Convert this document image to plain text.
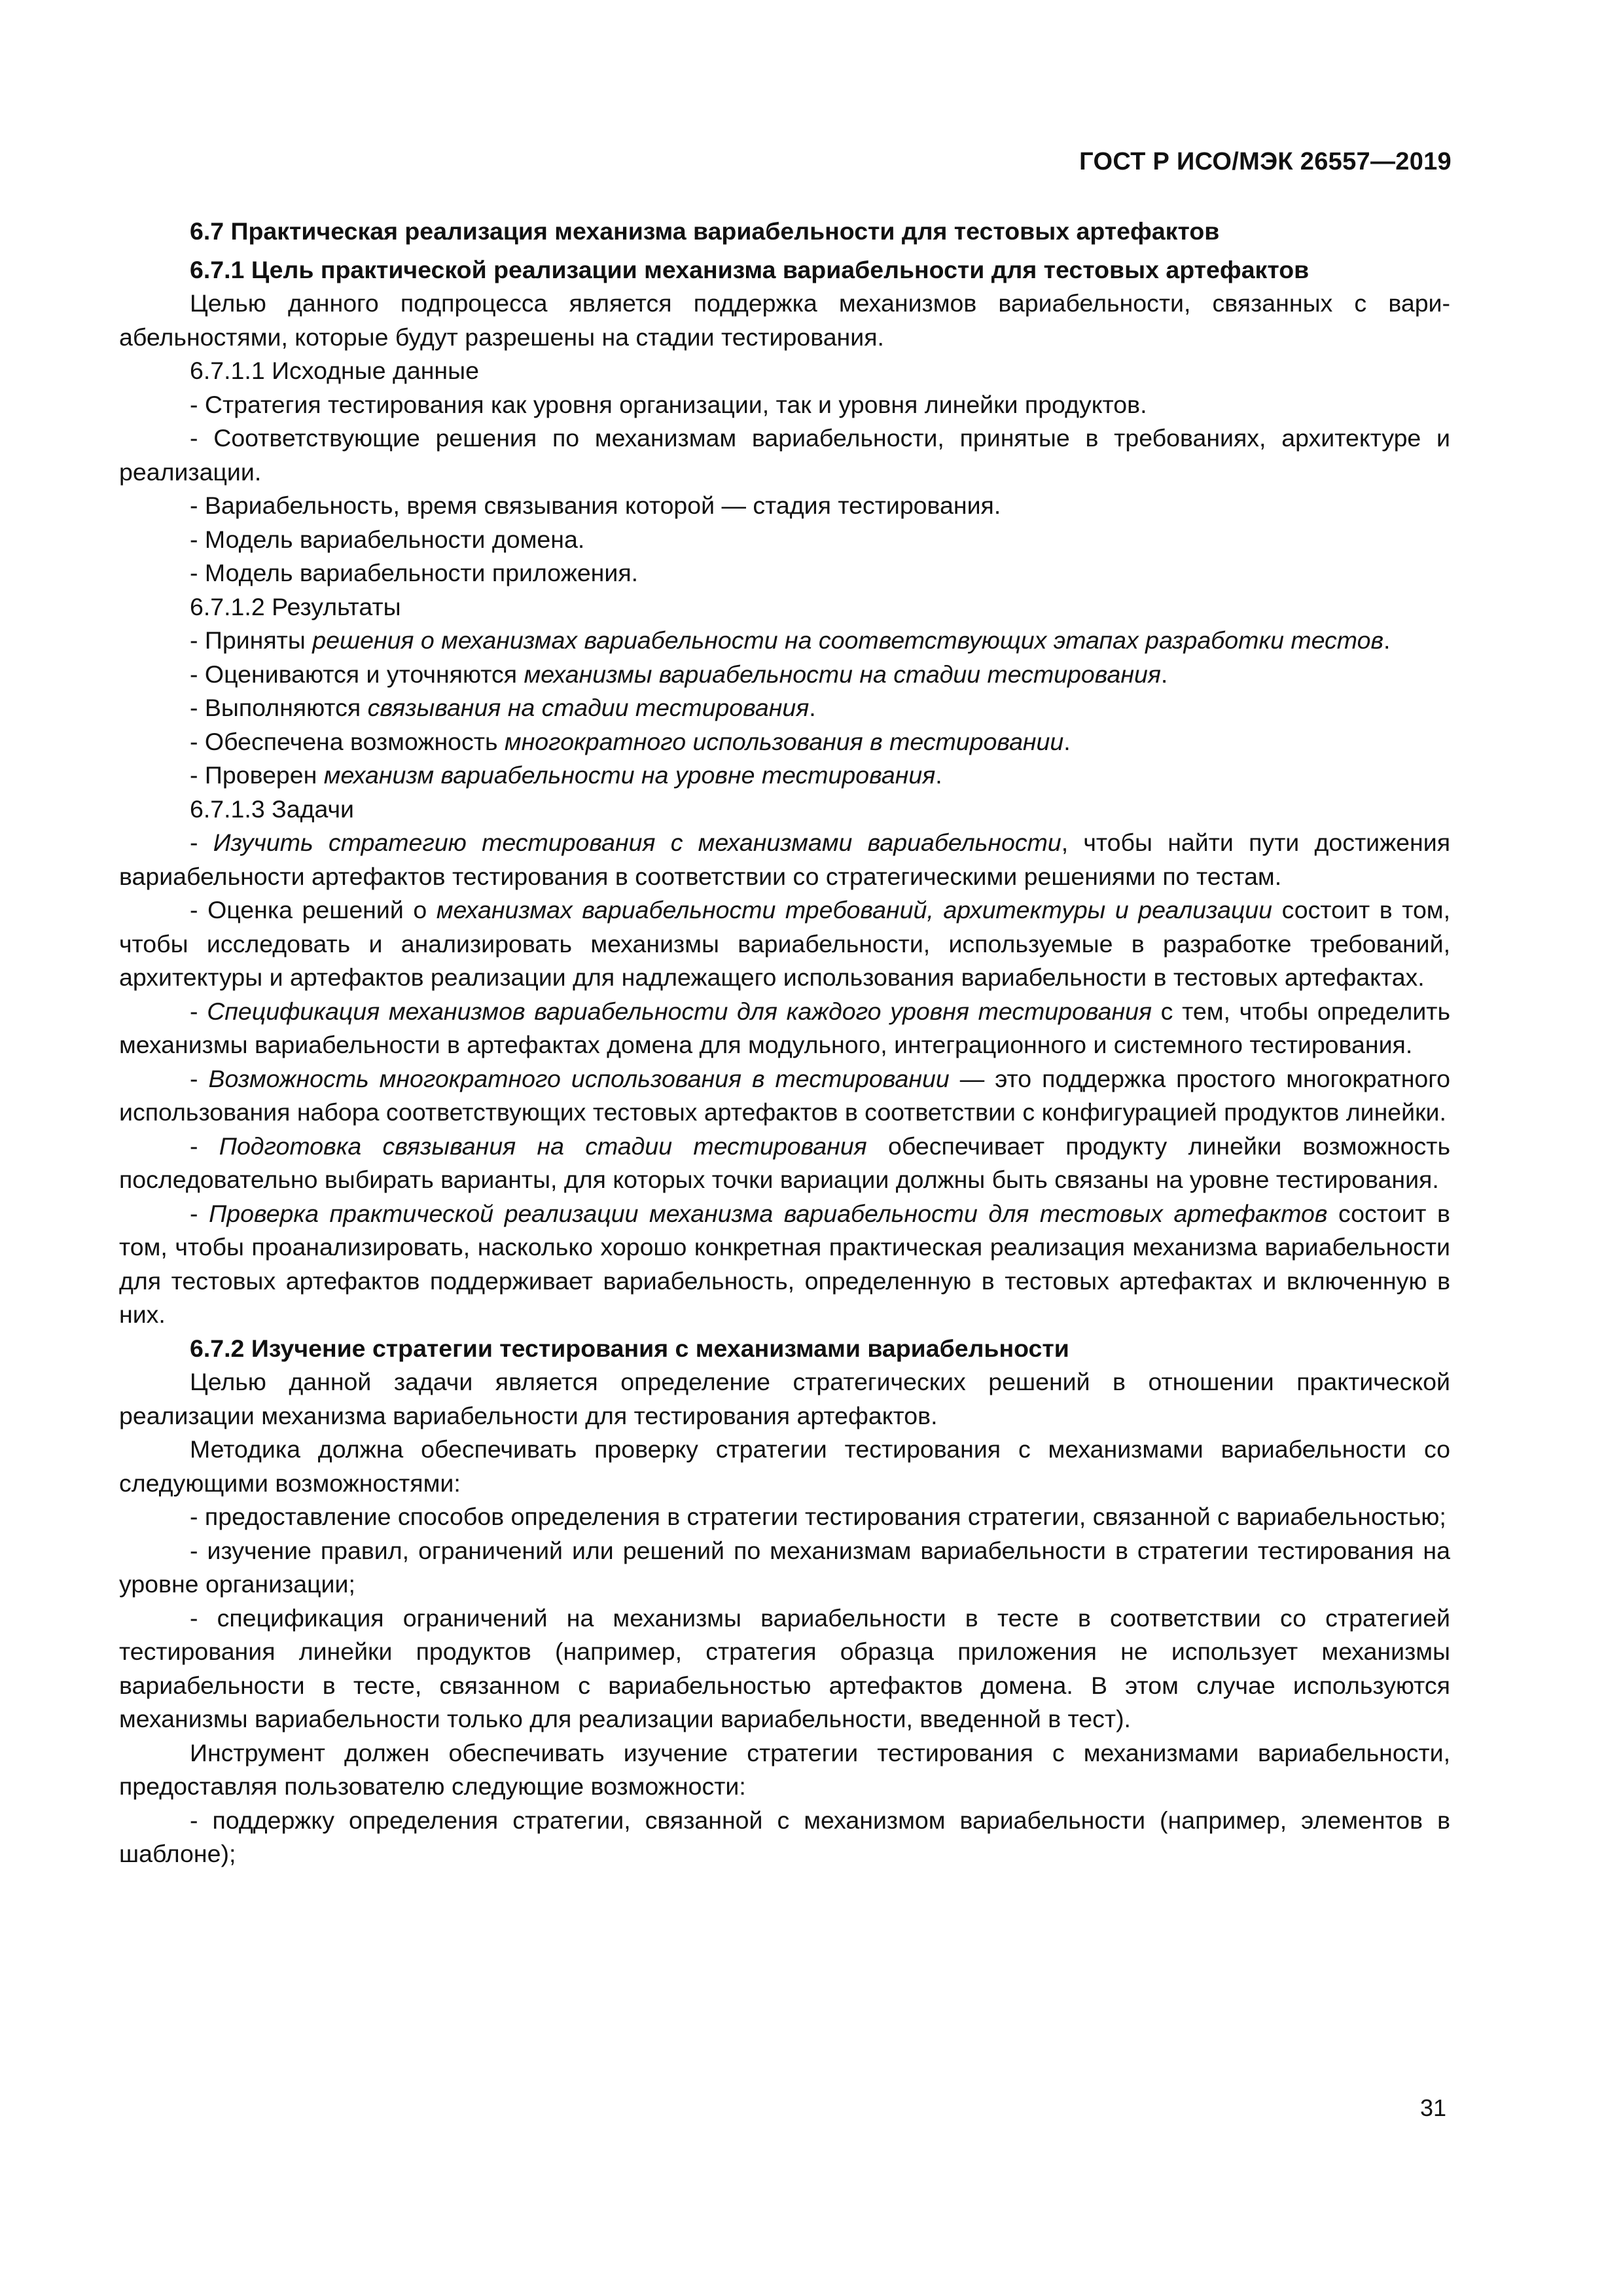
ГОСТ Р ИСО/МЭК 26557—2019

6.7 Практическая реализация механизма вариабельности для тестовых артефактов

6.7.1 Цель практической реализации механизма вариабельности для тестовых артефактов

Целью данного подпроцесса является поддержка механизмов вариабельности, связанных с вариабельностями, которые будут разрешены на стадии тестирования.

6.7.1.1 Исходные данные

- Стратегия тестирования как уровня организации, так и уровня линейки продуктов.

- Соответствующие решения по механизмам вариабельности, принятые в требованиях, архитектуре и реализации.

- Вариабельность, время связывания которой — стадия тестирования.

- Модель вариабельности домена.

- Модель вариабельности приложения.

6.7.1.2 Результаты

- Приняты решения о механизмах вариабельности на соответствующих этапах разработки тестов.

- Оцениваются и уточняются механизмы вариабельности на стадии тестирования.

- Выполняются связывания на стадии тестирования.

- Обеспечена возможность многократного использования в тестировании.

- Проверен механизм вариабельности на уровне тестирования.

6.7.1.3 Задачи

- Изучить стратегию тестирования с механизмами вариабельности, чтобы найти пути достижения вариабельности артефактов тестирования в соответствии со стратегическими решениями по тестам.

- Оценка решений о механизмах вариабельности требований, архитектуры и реализации состоит в том, чтобы исследовать и анализировать механизмы вариабельности, используемые в разработке требований, архитектуры и артефактов реализации для надлежащего использования вариабельности в тестовых артефактах.

- Спецификация механизмов вариабельности для каждого уровня тестирования с тем, чтобы определить механизмы вариабельности в артефактах домена для модульного, интеграционного и системного тестирования.

- Возможность многократного использования в тестировании — это поддержка простого многократного использования набора соответствующих тестовых артефактов в соответствии с конфигурацией продуктов линейки.

- Подготовка связывания на стадии тестирования обеспечивает продукту линейки возможность последовательно выбирать варианты, для которых точки вариации должны быть связаны на уровне тестирования.

- Проверка практической реализации механизма вариабельности для тестовых артефактов состоит в том, чтобы проанализировать, насколько хорошо конкретная практическая реализация механизма вариабельности для тестовых артефактов поддерживает вариабельность, определенную в тестовых артефактах и включенную в них.

6.7.2 Изучение стратегии тестирования с механизмами вариабельности

Целью данной задачи является определение стратегических решений в отношении практической реализации механизма вариабельности для тестирования артефактов.

Методика должна обеспечивать проверку стратегии тестирования с механизмами вариабельности со следующими возможностями:

- предоставление способов определения в стратегии тестирования стратегии, связанной с вариабельностью;

- изучение правил, ограничений или решений по механизмам вариабельности в стратегии тестирования на уровне организации;

- спецификация ограничений на механизмы вариабельности в тесте в соответствии со стратегией тестирования линейки продуктов (например, стратегия образца приложения не использует механизмы вариабельности в тесте, связанном с вариабельностью артефактов домена. В этом случае используются механизмы вариабельности только для реализации вариабельности, введенной в тест).

Инструмент должен обеспечивать изучение стратегии тестирования с механизмами вариабельности, предоставляя пользователю следующие возможности:

- поддержку определения стратегии, связанной с механизмом вариабельности (например, элементов в шаблоне);

31
